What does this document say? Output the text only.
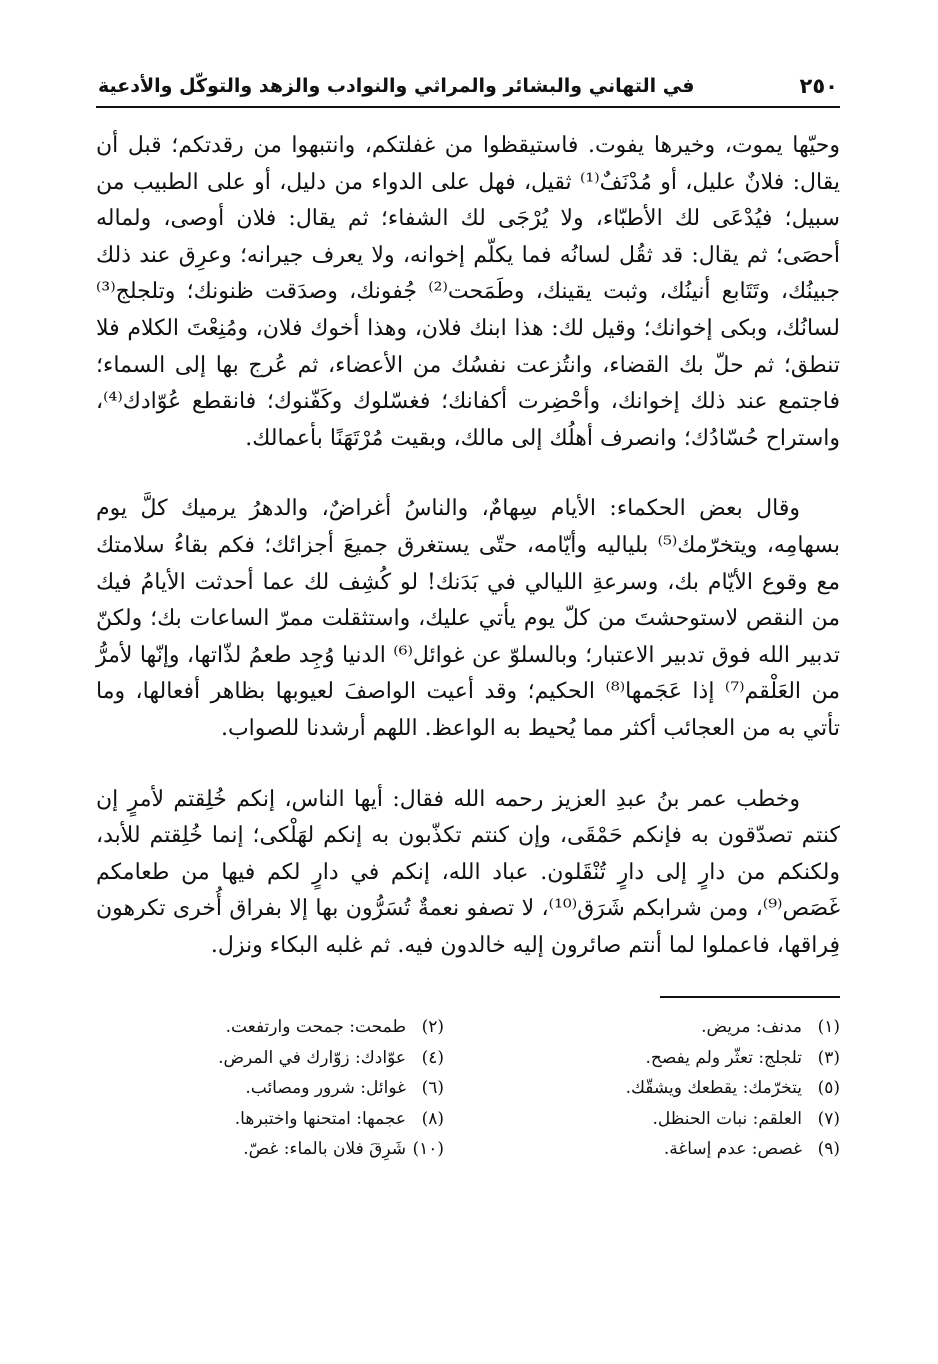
٢٥٠
في التهاني والبشائر والمراثي والنوادب والزهد والتوكّل والأدعية

وحيّها يموت، وخيرها يفوت. فاستيقظوا من غفلتكم، وانتبهوا من رقدتكم؛ قبل أن يقال: فلانٌ عليل، أو مُدْنَفٌ⁽¹⁾ ثقيل، فهل على الدواء من دليل، أو على الطبيب من سبيل؛ فيُدْعَى لك الأطبّاء، ولا يُرْجَى لك الشفاء؛ ثم يقال: فلان أوصى، ولماله أحصَى؛ ثم يقال: قد ثقُل لسانُه فما يكلّم إخوانه، ولا يعرف جيرانه؛ وعرِق عند ذلك جبينُك، وتَتَابع أنينُك، وثبت يقينك، وطَمَحت⁽²⁾ جُفونك، وصدَقت ظنونك؛ وتلجلج⁽³⁾ لسانُك، وبكى إخوانك؛ وقيل لك: هذا ابنك فلان، وهذا أخوك فلان، ومُنِعْتَ الكلام فلا تنطق؛ ثم حلّ بك القضاء، وانتُزعت نفسُك من الأعضاء، ثم عُرج بها إلى السماء؛ فاجتمع عند ذلك إخوانك، وأحْضِرت أكفانك؛ فغسّلوك وكَفّنوك؛ فانقطع عُوّادك⁽⁴⁾، واستراح حُسّادُك؛ وانصرف أهلُك إلى مالك، وبقيت مُرْتَهَنًا بأعمالك.

وقال بعض الحكماء: الأيام سِهامٌ، والناسُ أغراضٌ، والدهرُ يرميك كلَّ يوم بسهامِه، ويتخرّمك⁽⁵⁾ بلياليه وأيّامه، حتّى يستغرق جميعَ أجزائك؛ فكم بقاءُ سلامتك مع وقوع الأيّام بك، وسرعةِ الليالي في بَدَنك! لو كُشِف لك عما أحدثت الأيامُ فيك من النقص لاستوحشتَ من كلّ يوم يأتي عليك، واستثقلت ممرّ الساعات بك؛ ولكنّ تدبير الله فوق تدبير الاعتبار؛ وبالسلوّ عن غوائل⁽⁶⁾ الدنيا وُجِد طعمُ لذّاتها، وإنّها لأمرُّ من العَلْقم⁽⁷⁾ إذا عَجَمها⁽⁸⁾ الحكيم؛ وقد أعيت الواصفَ لعيوبها بظاهر أفعالها، وما تأتي به من العجائب أكثر مما يُحيط به الواعظ. اللهم أرشدنا للصواب.

وخطب عمر بنُ عبدِ العزيز رحمه الله فقال: أيها الناس، إنكم خُلِقتم لأمرٍ إن كنتم تصدّقون به فإنكم حَمْقَى، وإن كنتم تكذّبون به إنكم لهَلْكى؛ إنما خُلِقتم للأبد، ولكنكم من دارٍ إلى دارٍ تُنْقَلون. عباد الله، إنكم في دارٍ لكم فيها من طعامكم غَصَص⁽⁹⁾، ومن شرابكم شَرَق⁽¹⁰⁾، لا تصفو نعمةٌ تُسَرُّون بها إلا بفراق أُخرى تكرهون فِراقها، فاعملوا لما أنتم صائرون إليه خالدون فيه. ثم غلبه البكاء ونزل.

(١)مدنف: مريض.
(٢)طمحت: جمحت وارتفعت.
(٣)تلجلج: تعثّر ولم يفصح.
(٤)عوّادك: زوّارك في المرض.
(٥)يتخرّمك: يقطعك ويشقّك.
(٦)غوائل: شرور ومصائب.
(٧)العلقم: نبات الحنظل.
(٨)عجمها: امتحنها واختبرها.
(٩)غصص: عدم إساغة.
(١٠)شَرِقَ فلان بالماء: غصّ.
